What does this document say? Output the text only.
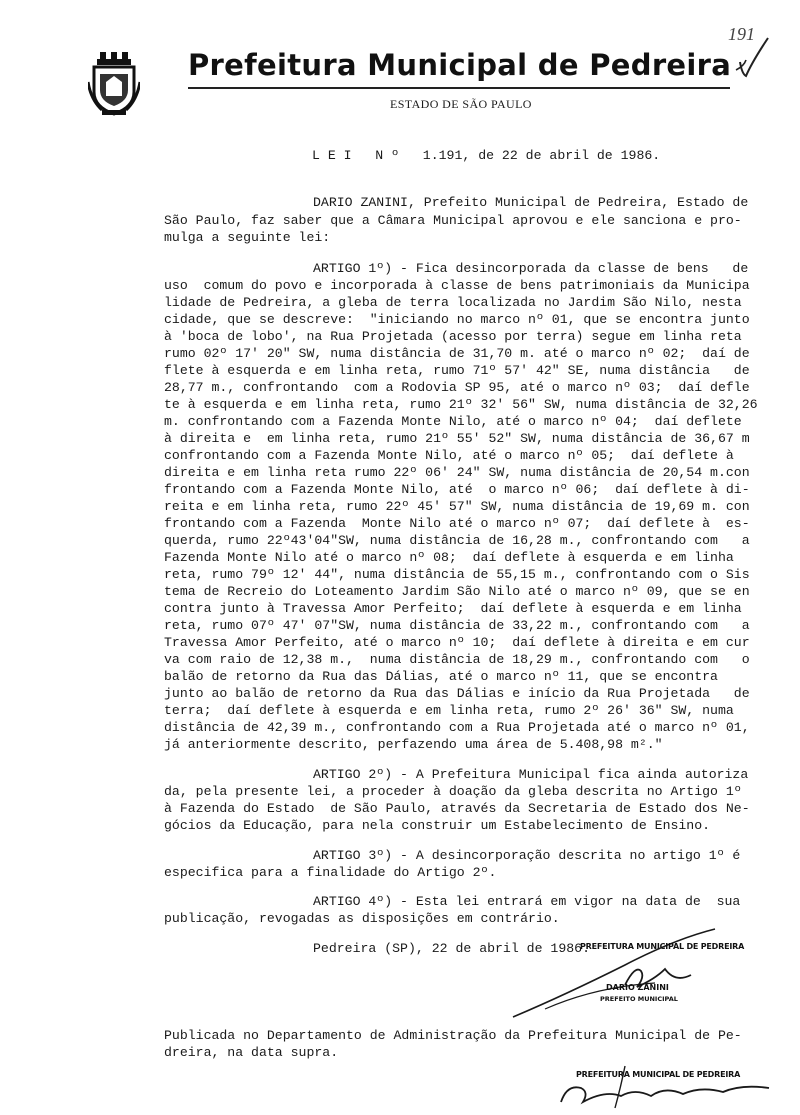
Prefeitura Municipal de Pedreira
ESTADO DE SÃO PAULO
191
L E I   N º   1.191, de 22 de abril de 1986.
DARIO ZANINI, Prefeito Municipal de Pedreira, Estado de
São Paulo, faz saber que a Câmara Municipal aprovou e ele sanciona e pro-
mulga a seguinte lei:
ARTIGO 1º) - Fica desincorporada da classe de bens   de
uso  comum do povo e incorporada à classe de bens patrimoniais da Municipa
lidade de Pedreira, a gleba de terra localizada no Jardim São Nilo, nesta
cidade, que se descreve:  "iniciando no marco nº 01, que se encontra junto
à 'boca de lobo', na Rua Projetada (acesso por terra) segue em linha reta
rumo 02º 17' 20" SW, numa distância de 31,70 m. até o marco nº 02;  daí de
flete à esquerda e em linha reta, rumo 71º 57' 42" SE, numa distância   de
28,77 m., confrontando  com a Rodovia SP 95, até o marco nº 03;  daí defle
te à esquerda e em linha reta, rumo 21º 32' 56" SW, numa distância de 32,26
m. confrontando com a Fazenda Monte Nilo, até o marco nº 04;  daí deflete
à direita e  em linha reta, rumo 21º 55' 52" SW, numa distância de 36,67 m
confrontando com a Fazenda Monte Nilo, até o marco nº 05;  daí deflete à
direita e em linha reta rumo 22º 06' 24" SW, numa distância de 20,54 m.con
frontando com a Fazenda Monte Nilo, até  o marco nº 06;  daí deflete à di-
reita e em linha reta, rumo 22º 45' 57" SW, numa distância de 19,69 m. con
frontando com a Fazenda  Monte Nilo até o marco nº 07;  daí deflete à  es-
querda, rumo 22º43'04"SW, numa distância de 16,28 m., confrontando com   a
Fazenda Monte Nilo até o marco nº 08;  daí deflete à esquerda e em linha
reta, rumo 79º 12' 44", numa distância de 55,15 m., confrontando com o Sis
tema de Recreio do Loteamento Jardim São Nilo até o marco nº 09, que se en
contra junto à Travessa Amor Perfeito;  daí deflete à esquerda e em linha
reta, rumo 07º 47' 07"SW, numa distância de 33,22 m., confrontando com   a
Travessa Amor Perfeito, até o marco nº 10;  daí deflete à direita e em cur
va com raio de 12,38 m.,  numa distância de 18,29 m., confrontando com   o
balão de retorno da Rua das Dálias, até o marco nº 11, que se encontra
junto ao balão de retorno da Rua das Dálias e início da Rua Projetada   de
terra;  daí deflete à esquerda e em linha reta, rumo 2º 26' 36" SW, numa
distância de 42,39 m., confrontando com a Rua Projetada até o marco nº 01,
já anteriormente descrito, perfazendo uma área de 5.408,98 m²."
ARTIGO 2º) - A Prefeitura Municipal fica ainda autoriza
da, pela presente lei, a proceder à doação da gleba descrita no Artigo 1º
à Fazenda do Estado  de São Paulo, através da Secretaria de Estado dos Ne-
gócios da Educação, para nela construir um Estabelecimento de Ensino.
ARTIGO 3º) - A desincorporação descrita no artigo 1º é
especifica para a finalidade do Artigo 2º.
ARTIGO 4º) - Esta lei entrará em vigor na data de  sua
publicação, revogadas as disposições em contrário.
Pedreira (SP), 22 de abril de 1986.
PREFEITURA MUNICIPAL DE PEDREIRA
DARIO ZANINI
PREFEITO MUNICIPAL
Publicada no Departamento de Administração da Prefeitura Municipal de Pe-
dreira, na data supra.
PREFEITURA MUNICIPAL DE PEDREIRA
